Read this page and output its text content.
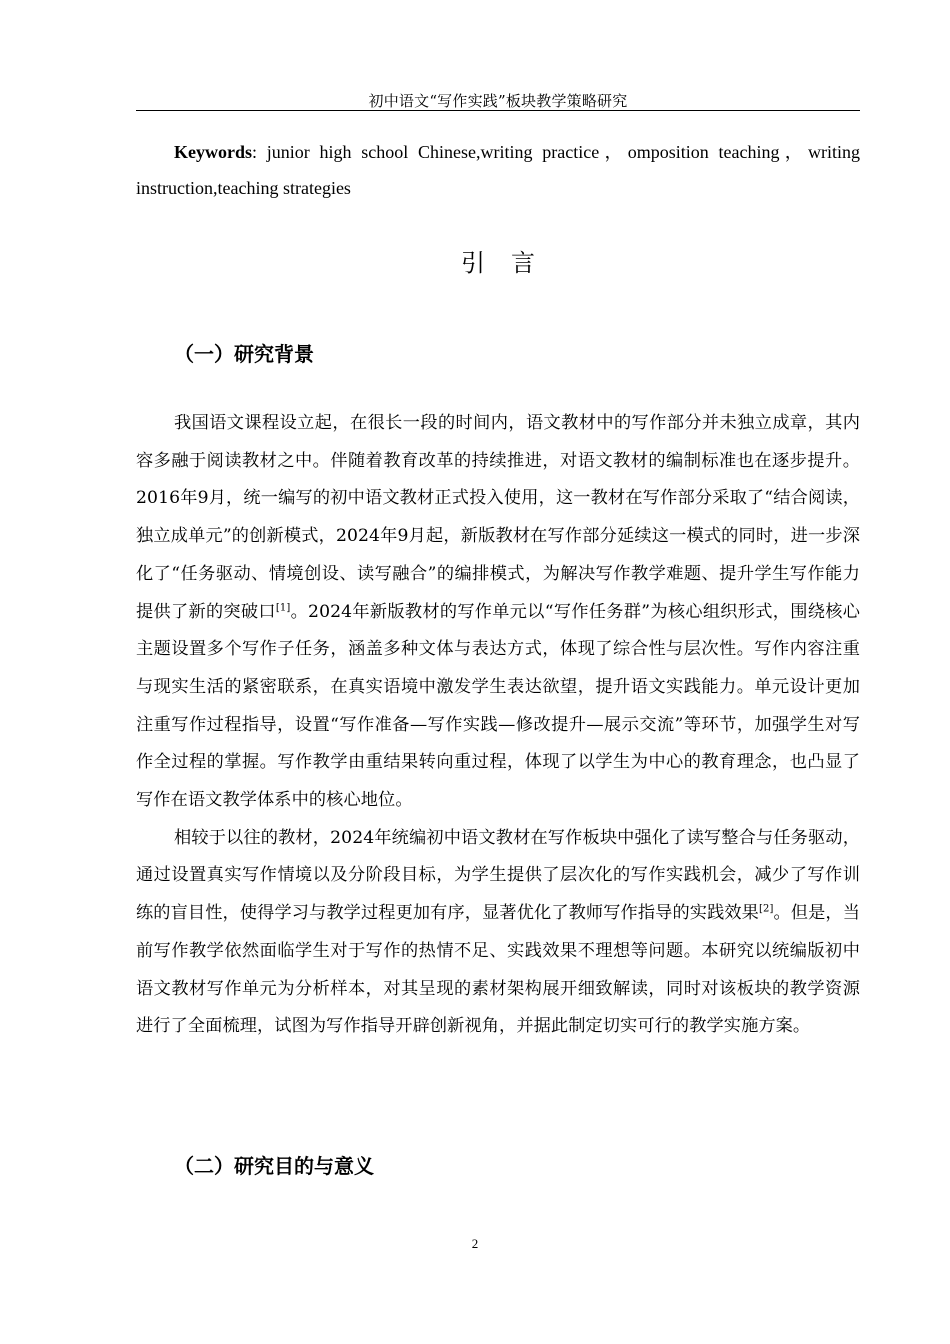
初中语文“写作实践”板块教学策略研究
Keywords: junior high school Chinese,writing practice，omposition teaching，writing instruction,teaching strategies
引言
（一）研究背景

我国语文课程设立起，在很长一段的时间内，语文教材中的写作部分并未独立成章，其内容多融于阅读教材之中。伴随着教育改革的持续推进，对语文教材的编制标准也在逐步提升。2016年9月，统一编写的初中语文教材正式投入使用，这一教材在写作部分采取了“结合阅读，独立成单元”的创新模式，2024年9月起，新版教材在写作部分延续这一模式的同时，进一步深化了“任务驱动、情境创设、读写融合”的编排模式，为解决写作教学难题、提升学生写作能力提供了新的突破口[1]。2024年新版教材的写作单元以“写作任务群”为核心组织形式，围绕核心主题设置多个写作子任务，涵盖多种文体与表达方式，体现了综合性与层次性。写作内容注重与现实生活的紧密联系，在真实语境中激发学生表达欲望，提升语文实践能力。单元设计更加注重写作过程指导，设置“写作准备—写作实践—修改提升—展示交流”等环节，加强学生对写作全过程的掌握。写作教学由重结果转向重过程，体现了以学生为中心的教育理念，也凸显了写作在语文教学体系中的核心地位。

相较于以往的教材，2024年统编初中语文教材在写作板块中强化了读写整合与任务驱动，通过设置真实写作情境以及分阶段目标，为学生提供了层次化的写作实践机会，减少了写作训练的盲目性，使得学习与教学过程更加有序，显著优化了教师写作指导的实践效果[2]。但是，当前写作教学依然面临学生对于写作的热情不足、实践效果不理想等问题。本研究以统编版初中语文教材写作单元为分析样本，对其呈现的素材架构展开细致解读，同时对该板块的教学资源进行了全面梳理，试图为写作指导开辟创新视角，并据此制定切实可行的教学实施方案。

（二）研究目的与意义
2
